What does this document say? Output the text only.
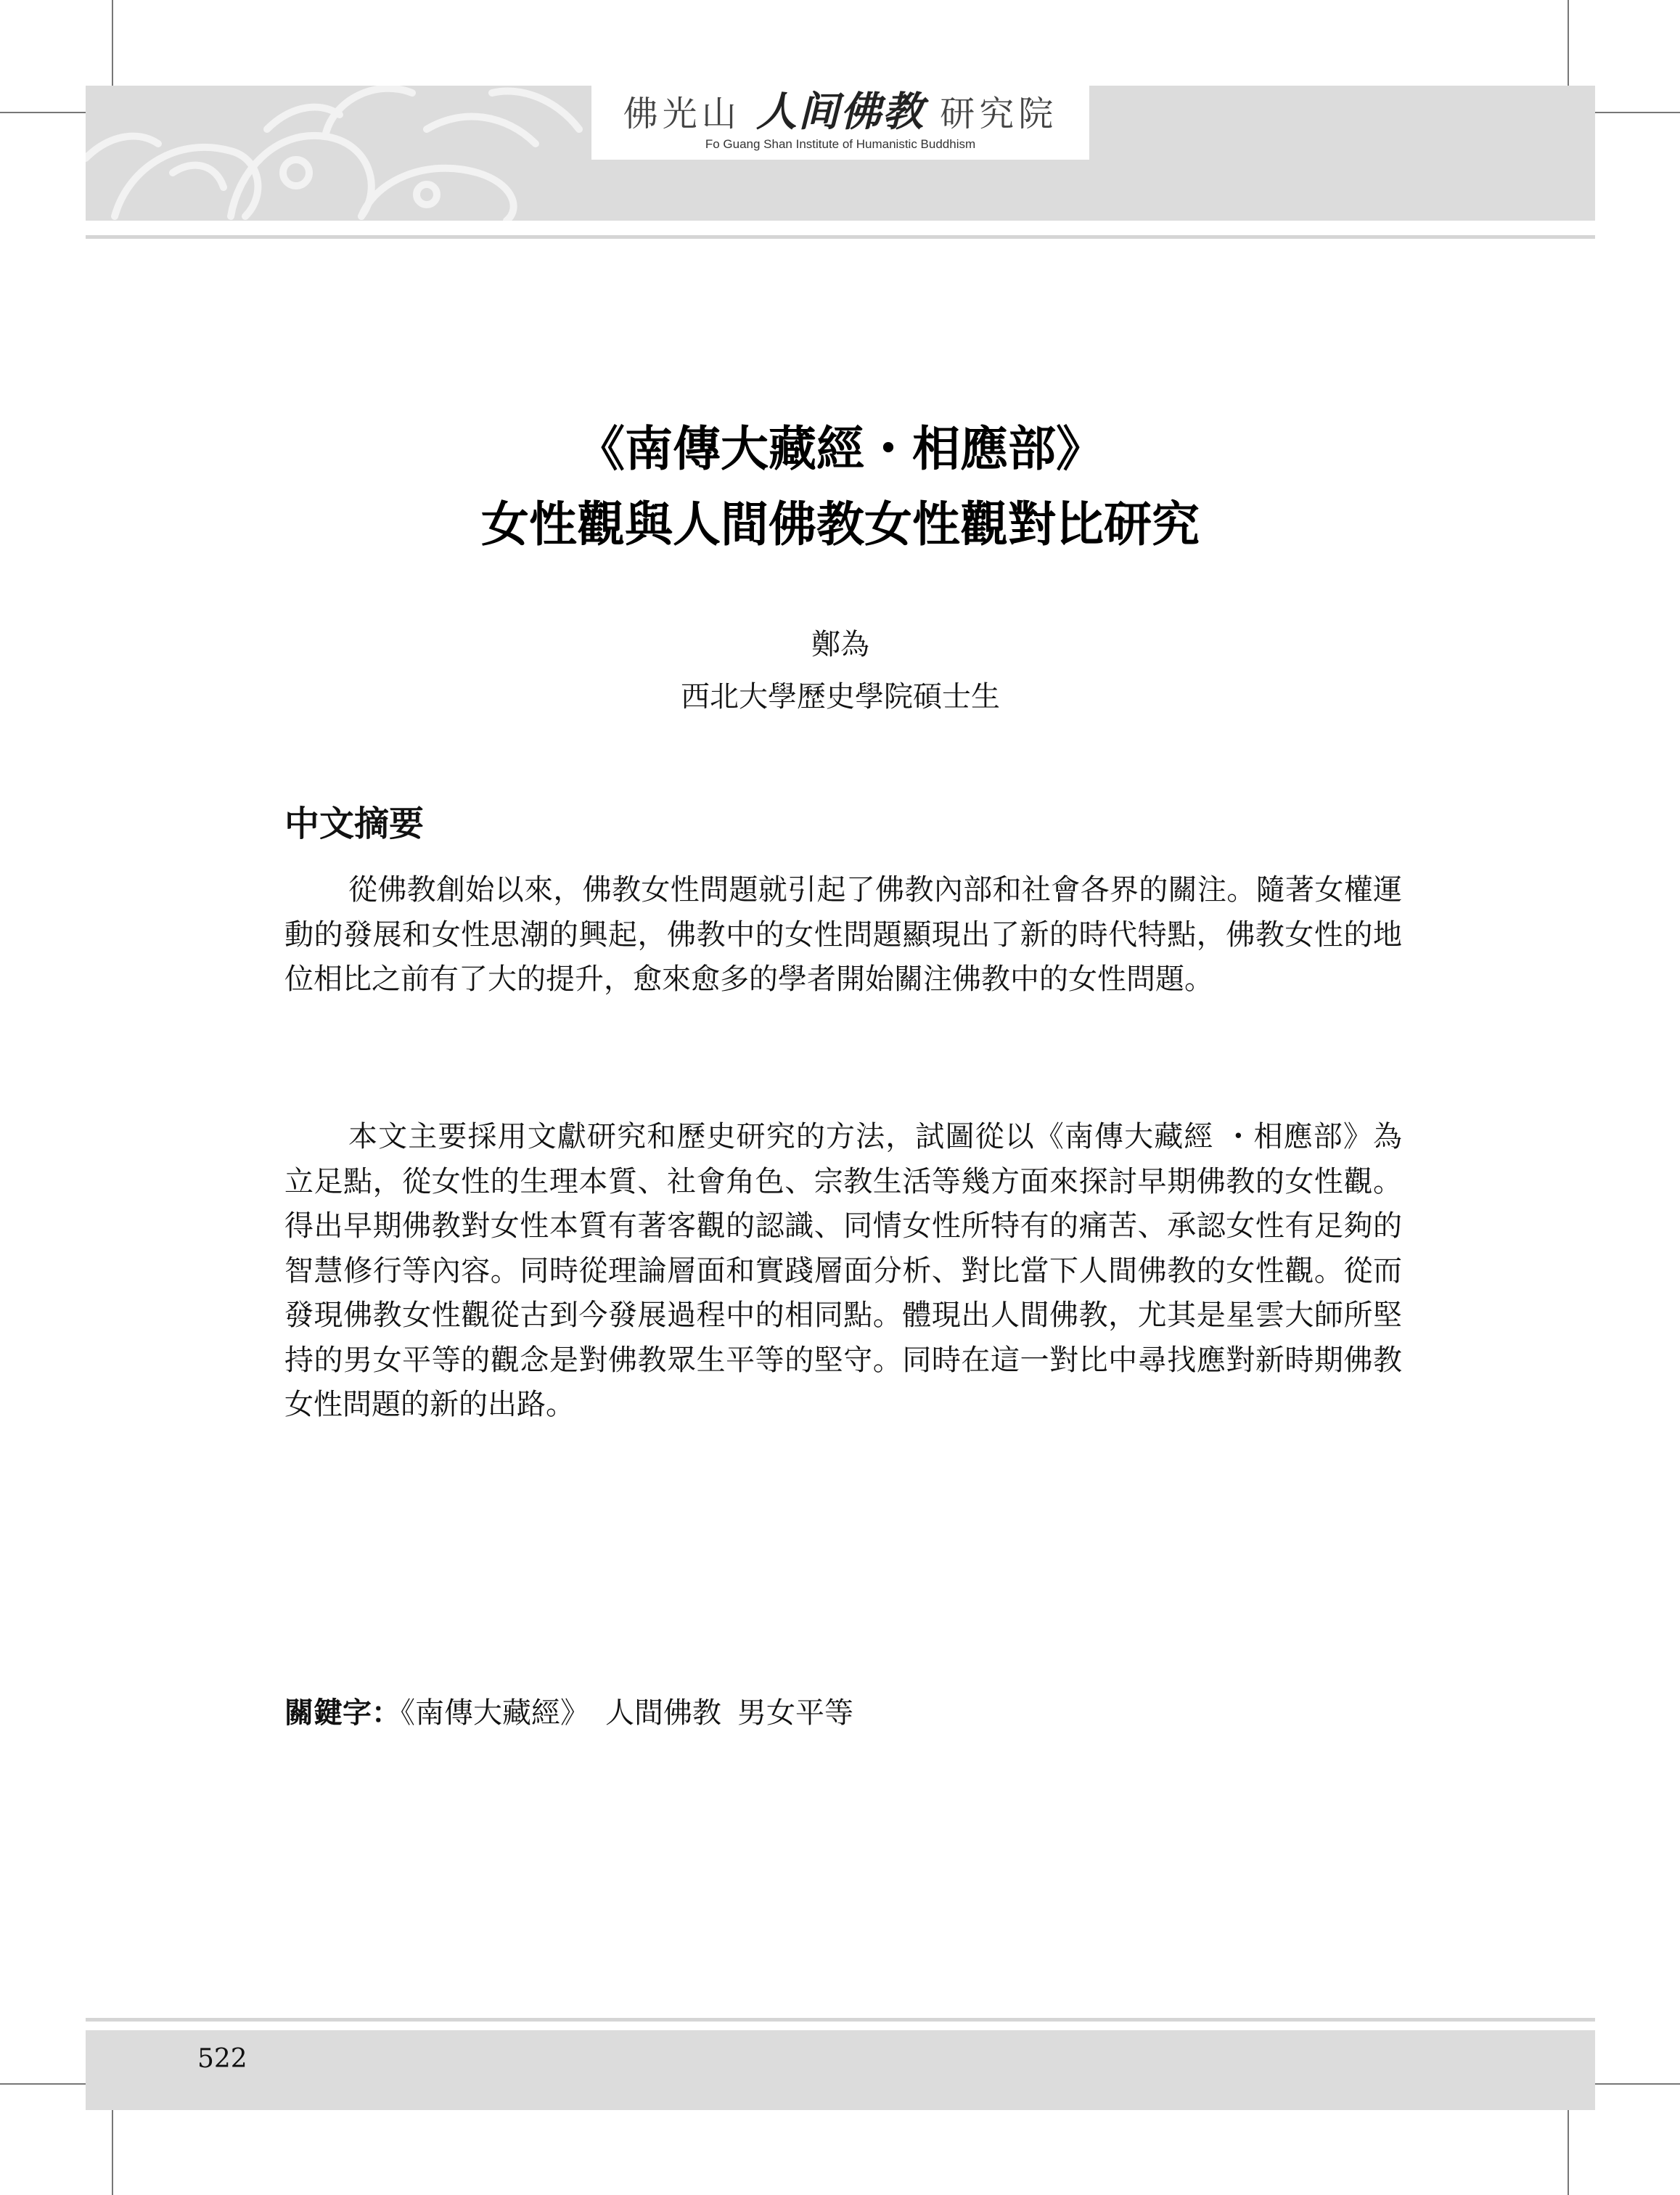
佛光山 人间佛教 研究院
Fo Guang Shan Institute of Humanistic Buddhism
《南傳大藏經・相應部》
女性觀與人間佛教女性觀對比研究
鄭為
西北大學歷史學院碩士生
中文摘要

從佛教創始以來，佛教女性問題就引起了佛教內部和社會各界的關注。隨著女權運動的發展和女性思潮的興起，佛教中的女性問題顯現出了新的時代特點，佛教女性的地位相比之前有了大的提升，愈來愈多的學者開始關注佛教中的女性問題。

本文主要採用文獻研究和歷史研究的方法，試圖從以《南傳大藏經 ・相應部》為立足點，從女性的生理本質、社會角色、宗教生活等幾方面來探討早期佛教的女性觀。得出早期佛教對女性本質有著客觀的認識、同情女性所特有的痛苦、承認女性有足夠的智慧修行等內容。同時從理論層面和實踐層面分析、對比當下人間佛教的女性觀。從而發現佛教女性觀從古到今發展過程中的相同點。體現出人間佛教，尤其是星雲大師所堅持的男女平等的觀念是對佛教眾生平等的堅守。同時在這一對比中尋找應對新時期佛教女性問題的新的出路。

關鍵字：《南傳大藏經》 人間佛教 男女平等
522
